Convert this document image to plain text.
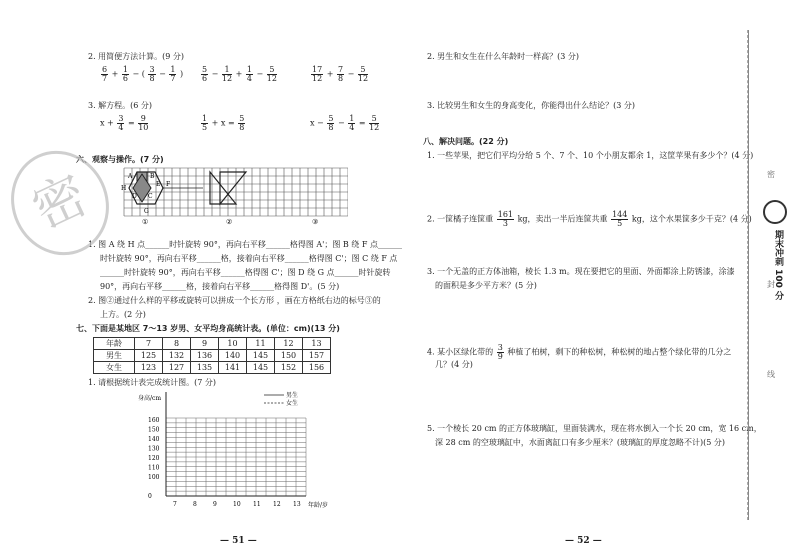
2. 用简便方法计算。(9 分)
$\frac{6}{7} + \frac{1}{6}$ − ( $\frac{3}{8} - \frac{1}{7}$ ) $\frac{5}{6} - \frac{1}{12} + \frac{1}{4} - \frac{5}{12}$	$\frac{17}{12} + \frac{7}{8} - \frac{5}{12}$
3. 解方程。(6 分)
$x + \frac{3}{4} = \frac{9}{10}$	$\frac{1}{5} + x = \frac{5}{8}$	$x - \frac{5}{8} - \frac{1}{4} = \frac{5}{12}$
六、观察与操作。(7 分)
A	B
C
D
E F
G
H
①	②	③
1. 图 A 绕 H 点______时针旋转 90°，再向右平移______格得图 A'；图 B 绕 F 点______
时针旋转 90°，再向右平移______格，接着向右平移______格得图 C'；图 C 绕 F 点
______时针旋转 90°，再向右平移______格得图 C'；图 D 绕 G 点______时针旋转
90°，再向右平移______格，接着向右平移______格得图 D'。(5 分)
2. 图②通过什么样的平移或旋转可以拼成一个长方形 ，画在方格纸右边的标号③的
上方。(2 分)
七、下面是某地区 7～13 岁男、女平均身高统计表。(单位：cm)(13 分)
年龄	7	8	9	10	11	12	13
男生	125	132	136	140	145	150	157
女生	123	127	135	141	145	152	156
1. 请根据统计表完成统计图。(7 分)
身高/cm
年龄/岁
男生
女生
160
150
140
130
120
110
100
0
7	8	9	10 11 12 13
— 51 —
密
2. 男生和女生在什么年龄时一样高？(3 分)
3. 比较男生和女生的身高变化，你能得出什么结论？(3 分)
八、解决问题。(22 分)
1. 一些苹果，把它们平均分给 5 个、7 个、10 个小朋友都余 1，这筐苹果有多少个？(4 分)
2. 一筐橘子连筐重 $\frac{161}{3}$ kg，卖出一半后连筐共重 $\frac{144}{5}$ kg，这个水果筐多少千克？(4 分)
3. 一个无盖的正方体油箱，棱长 1.3 m。现在要把它的里面、外面都涂上防锈漆，涂漆
的面积是多少平方米？(5 分)
4. 某小区绿化带的 $\frac{3}{9}$ 种植了柏树，剩下的种松树，种松树的地占整个绿化带的几分之
几？(4 分)
5. 一个棱长 20 cm 的正方体玻璃缸，里面装满水，现在将水倒入一个长 20 cm，宽 16 cm，
深 28 cm 的空玻璃缸中，水面离缸口有多少厘米？(玻璃缸的厚度忽略不计)(5 分)
— 52 —
密
封
线
期末冲刺 100 分
